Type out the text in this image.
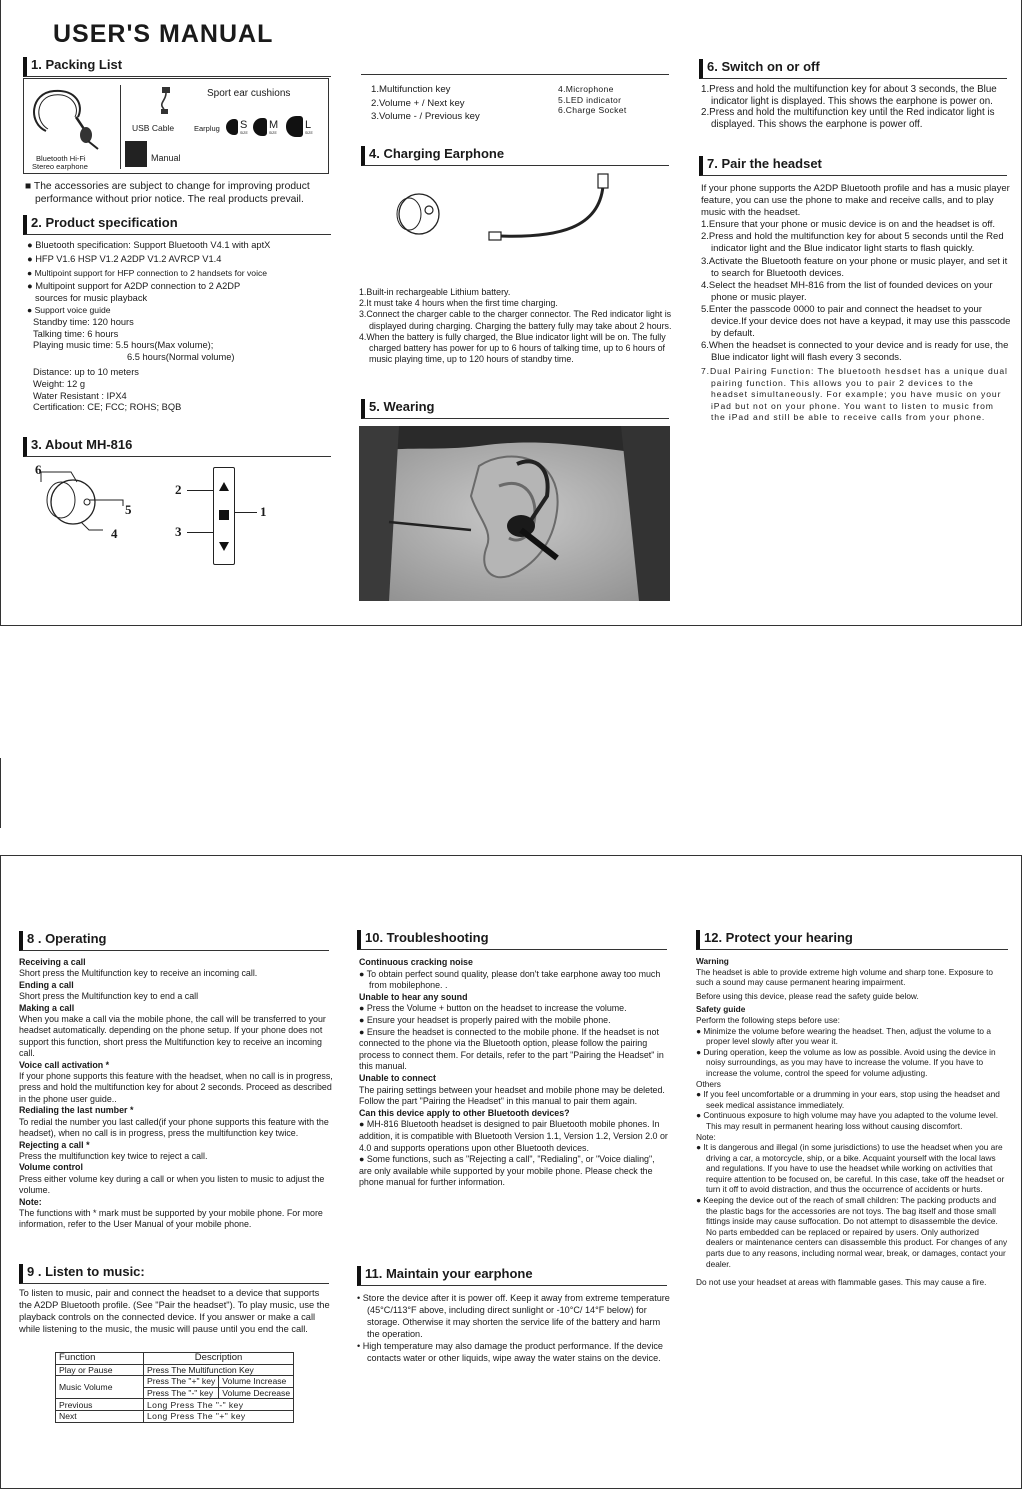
USER'S MANUAL
1. Packing List
Bluetooth Hi-Fi
Stereo earphone
USB Cable
Sport ear cushions
Earplug S
SIZE
M
SIZE
L
SIZE
Manual
■ The accessories are subject to change for improving product performance without prior notice. The real products prevail.
2. Product specification

● Bluetooth specification: Support Bluetooth V4.1 with aptX

● HFP V1.6 HSP V1.2 A2DP V1.2 AVRCP V1.4

● Multipoint support for HFP connection to 2 handsets for voice

● Multipoint support for A2DP connection to 2 A2DP

sources for music playback

● Support voice guide

Standby time: 120 hours

Talking time: 6 hours

Playing music time: 5.5 hours(Max volume);

6.5 hours(Normal volume)

Distance: up to 10 meters

Weight: 12 g

Water Resistant : IPX4

Certification: CE; FCC; ROHS; BQB

3. About MH-816
6
5
4
2
3
1

1.Multifunction key

2.Volume + / Next key

3.Volume - / Previous key

4.Microphone

5.LED indicator

6.Charge Socket

4. Charging Earphone

1.Built-in rechargeable Lithium battery.

2.It must take 4 hours when the first time charging.

3.Connect the charger cable to the charger connector. The Red indicator light is displayed during charging. Charging the battery fully may take about 2 hours.

4.When the battery is fully charged, the Blue indicator light will be on. The fully charged battery has power for up to 6 hours of talking time, up to 6 hours of music playing time, up to 120 hours of standby time.

5. Wearing
6. Switch on or off

1.Press and hold the multifunction key for about 3 seconds, the Blue indicator light is displayed. This shows the earphone is power on.

2.Press and hold the multifunction key until the Red indicator light is displayed. This shows the earphone is power off.

7. Pair the headset

If your phone supports the A2DP Bluetooth profile and has a music player feature, you can use the phone to make and receive calls, and to play music with the headset.

1.Ensure that your phone or music device is on and the headset is off.

2.Press and hold the multifunction key for about 5 seconds until the Red indicator light and the Blue indicator light starts to flash quickly.

3.Activate the Bluetooth feature on your phone or music player, and set it to search for Bluetooth devices.

4.Select the headset MH-816 from the list of founded devices on your phone or music player.

5.Enter the passcode 0000 to pair and connect the headset to your device.If your device does not have a keypad, it may use this passcode by default.

6.When the headset is connected to your device and is ready for use, the Blue indicator light will flash every 3 seconds.

7.Dual Pairing Function: The bluetooth hesdset has a unique dual pairing function. This allows you to pair 2 devices to the headset simultaneously. For example; you have music on your iPad but not on your phone. You want to listen to music from the iPad and still be able to receive calls from your phone.

8 . Operating

Receiving a call

Short press the Multifunction key to receive an incoming call.

Ending a call

Short press the Multifunction key to end a call

Making a call

When you make a call via the mobile phone, the call will be transferred to your headset automatically. depending on the phone setup. If your phone does not support this function, short press the Multifunction key to receive an incoming call.

Voice call activation *

If your phone supports this feature with the headset, when no call is in progress, press and hold the multifunction key for about 2 seconds. Proceed as described in the phone user guide..

Redialing the last number *

To redial the number you last called(if your phone supports this feature with the headset), when no call is in progress, press the multifunction key twice.

Rejecting a call *

Press the multifunction key twice to reject a call.

Volume control

Press either volume key during a call or when you listen to music to adjust the volume.

Note:

The functions with * mark must be supported by your mobile phone. For more information, refer to the User Manual of your mobile phone.

9 . Listen to music:
To listen to music, pair and connect the headset to a device that supports the A2DP Bluetooth profile. (See "Pair the headset"). To play music, use the playback controls on the connected device. If you answer or make a call while listening to the music, the music will pause until you end the call.
Function	Description	
Play or Pause	Press The Multifunction Key	
Music Volume	Press The "+" key	Volume Increase
	Press The "-" key	Volume Decrease
Previous	Long Press The "-" key	
Next	Long Press The "+" key	
10. Troubleshooting

Continuous cracking noise

● To obtain perfect sound quality, please don't take earphone away too much from mobilephone. .

Unable to hear any sound

● Press the Volume + button on the headset to increase the volume.

● Ensure your headset is properly paired with the mobile phone.

● Ensure the headset is connected to the mobile phone. If the headset is not connected to the phone via the Bluetooth option, please follow the pairing process to connect them. For details, refer to the part "Pairing the Headset" in this manual.

Unable to connect

The pairing settings between your headset and mobile phone may be deleted. Follow the part "Pairing the Headset" in this manual to pair them again.

Can this device apply to other Bluetooth devices?

● MH-816 Bluetooth headset is designed to pair Bluetooth mobile phones. In addition, it is compatible with Bluetooth Version 1.1, Version 1.2, Version 2.0 or 4.0 and supports operations upon other Bluetooth devices.

● Some functions, such as "Rejecting a call", "Redialing", or "Voice dialing", are only available while supported by your mobile phone. Please check the phone manual for further information.

11. Maintain your earphone

• Store the device after it is power off. Keep it away from extreme temperature (45°C/113°F above, including direct sunlight or -10°C/ 14°F below) for storage. Otherwise it may shorten the service life of the battery and harm the operation.

• High temperature may also damage the product performance. If the device contacts water or other liquids, wipe away the water stains on the device.

12. Protect your hearing

Warning

The headset is able to provide extreme high volume and sharp tone. Exposure to such a sound may cause permanent hearing impairment.

Before using this device, please read the safety guide below.

Safety guide

Perform the following steps before use:

● Minimize the volume before wearing the headset. Then, adjust the volume to a proper level slowly after you wear it.

● During operation, keep the volume as low as possible. Avoid using the device in noisy surroundings, as you may have to increase the volume. If you have to increase the volume, control the speed for volume adjusting.

Others

● If you feel uncomfortable or a drumming in your ears, stop using the headset and seek medical assistance immediately.

● Continuous exposure to high volume may have you adapted to the volume level. This may result in permanent hearing loss without causing discomfort.

Note:

● It is dangerous and illegal (in some jurisdictions) to use the headset when you are driving a car, a motorcycle, ship, or a bike. Acquaint yourself with the local laws and regulations. If you have to use the headset while working on activities that require attention to be focused on, be careful. In this case, take off the headset or turn it off to avoid distraction, and thus the occurrence of accidents or hurts.

● Keeping the device out of the reach of small children: The packing products and the plastic bags for the accessories are not toys. The bag itself and those small fittings inside may cause suffocation. Do not attempt to disassemble the device. No parts embedded can be replaced or repaired by users. Only authorized dealers or maintenance centers can disassemble this product. For changes of any parts due to any reasons, including normal wear, break, or damages, contact your dealer.

Do not use your headset at areas with flammable gases. This may cause a fire.
